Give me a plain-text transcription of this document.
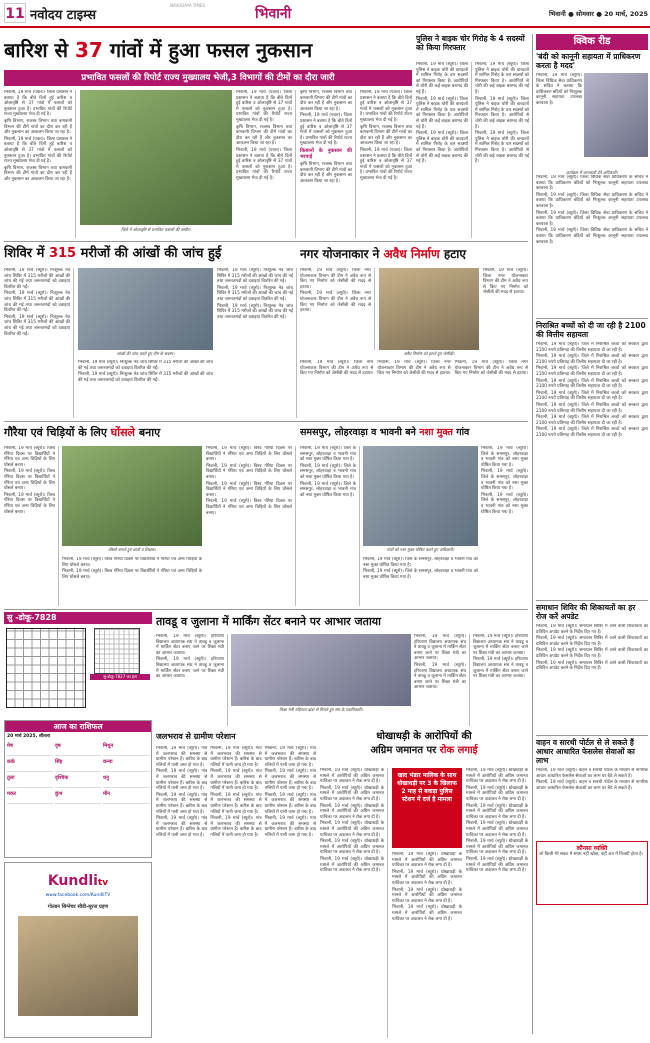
11 नवोदय टाइम्स
NAVODAYA TIMES
भिवानी	भिवानी ● सोमवार ● 20 मार्च, 2025
बारिश से 37 गांवों में हुआ फसल नुकसान
प्रभावित फसलों की रिपोर्ट राज्य मुख्यालय भेजी,3 विभागों की टीमों का दौरा जारी

भिवानी, 19 मार्च (पवार)। जिला प्रशासन ने बताया है कि बीते दिनों हुई बारिश व ओलावृष्टि से 37 गांवों में फसलों को नुकसान हुआ है। प्रभावित गांवों की रिपोर्ट राज्य मुख्यालय भेज दी गई है।

कृषि विभाग, राजस्व विभाग तथा बागवानी विभाग की टीमें गांवों का दौरा कर रही हैं और नुकसान का आकलन किया जा रहा है।

भिवानी, 19 मार्च (पवार)। जिला प्रशासन ने बताया है कि बीते दिनों हुई बारिश व ओलावृष्टि से 37 गांवों में फसलों को नुकसान हुआ है। प्रभावित गांवों की रिपोर्ट राज्य मुख्यालय भेज दी गई है।

कृषि विभाग, राजस्व विभाग तथा बागवानी विभाग की टीमें गांवों का दौरा कर रही हैं और नुकसान का आकलन किया जा रहा है।

जिले में ओलावृष्टि से प्रभावित फसलों की तस्वीर।

भिवानी, 19 मार्च (पवार)। जिला प्रशासन ने बताया है कि बीते दिनों हुई बारिश व ओलावृष्टि से 37 गांवों में फसलों को नुकसान हुआ है। प्रभावित गांवों की रिपोर्ट राज्य मुख्यालय भेज दी गई है।

कृषि विभाग, राजस्व विभाग तथा बागवानी विभाग की टीमें गांवों का दौरा कर रही हैं और नुकसान का आकलन किया जा रहा है।

भिवानी, 19 मार्च (पवार)। जिला प्रशासन ने बताया है कि बीते दिनों हुई बारिश व ओलावृष्टि से 37 गांवों में फसलों को नुकसान हुआ है। प्रभावित गांवों की रिपोर्ट राज्य मुख्यालय भेज दी गई है।

कृषि विभाग, राजस्व विभाग तथा बागवानी विभाग की टीमें गांवों का दौरा कर रही हैं और नुकसान का आकलन किया जा रहा है।

भिवानी, 19 मार्च (पवार)। जिला प्रशासन ने बताया है कि बीते दिनों हुई बारिश व ओलावृष्टि से 37 गांवों में फसलों को नुकसान हुआ है। प्रभावित गांवों की रिपोर्ट राज्य मुख्यालय भेज दी गई है।

किसानों के नुकसान की भरपाई

कृषि विभाग, राजस्व विभाग तथा बागवानी विभाग की टीमें गांवों का दौरा कर रही हैं और नुकसान का आकलन किया जा रहा है।

भिवानी, 19 मार्च (पवार)। जिला प्रशासन ने बताया है कि बीते दिनों हुई बारिश व ओलावृष्टि से 37 गांवों में फसलों को नुकसान हुआ है। प्रभावित गांवों की रिपोर्ट राज्य मुख्यालय भेज दी गई है।

कृषि विभाग, राजस्व विभाग तथा बागवानी विभाग की टीमें गांवों का दौरा कर रही हैं और नुकसान का आकलन किया जा रहा है।

भिवानी, 19 मार्च (पवार)। जिला प्रशासन ने बताया है कि बीते दिनों हुई बारिश व ओलावृष्टि से 37 गांवों में फसलों को नुकसान हुआ है। प्रभावित गांवों की रिपोर्ट राज्य मुख्यालय भेज दी गई है।

पुलिस ने बाइक चोर गिरोह के 4 सदस्यों को किया गिरफ्तार

भिवानी, 19 मार्च (ब्यूरो)। जिला पुलिस ने बाइक चोरी की वारदातों में शामिल गिरोह के चार सदस्यों को गिरफ्तार किया है। आरोपियों से चोरी की कई बाइक बरामद की गई हैं।

भिवानी, 19 मार्च (ब्यूरो)। जिला पुलिस ने बाइक चोरी की वारदातों में शामिल गिरोह के चार सदस्यों को गिरफ्तार किया है। आरोपियों से चोरी की कई बाइक बरामद की गई हैं।

भिवानी, 19 मार्च (ब्यूरो)। जिला पुलिस ने बाइक चोरी की वारदातों में शामिल गिरोह के चार सदस्यों को गिरफ्तार किया है। आरोपियों से चोरी की कई बाइक बरामद की गई हैं।

भिवानी, 19 मार्च (ब्यूरो)। जिला पुलिस ने बाइक चोरी की वारदातों में शामिल गिरोह के चार सदस्यों को गिरफ्तार किया है। आरोपियों से चोरी की कई बाइक बरामद की गई हैं।

भिवानी, 19 मार्च (ब्यूरो)। जिला पुलिस ने बाइक चोरी की वारदातों में शामिल गिरोह के चार सदस्यों को गिरफ्तार किया है। आरोपियों से चोरी की कई बाइक बरामद की गई हैं।

भिवानी, 19 मार्च (ब्यूरो)। जिला पुलिस ने बाइक चोरी की वारदातों में शामिल गिरोह के चार सदस्यों को गिरफ्तार किया है। आरोपियों से चोरी की कई बाइक बरामद की गई हैं।

क्विक रीड
'बंदी को कानूनी सहायता में प्राधिकरण करता है मदद'

भिवानी, 19 मार्च (ब्यूरो)। जिला विधिक सेवा प्राधिकरण के सचिव ने बताया कि प्राधिकरण बंदियों को निःशुल्क कानूनी सहायता उपलब्ध करवाता है।

कार्यक्रम में जानकारी देते अधिकारी।

भिवानी, 19 मार्च (ब्यूरो)। जिला विधिक सेवा प्राधिकरण के सचिव ने बताया कि प्राधिकरण बंदियों को निःशुल्क कानूनी सहायता उपलब्ध करवाता है।

भिवानी, 19 मार्च (ब्यूरो)। जिला विधिक सेवा प्राधिकरण के सचिव ने बताया कि प्राधिकरण बंदियों को निःशुल्क कानूनी सहायता उपलब्ध करवाता है।

भिवानी, 19 मार्च (ब्यूरो)। जिला विधिक सेवा प्राधिकरण के सचिव ने बताया कि प्राधिकरण बंदियों को निःशुल्क कानूनी सहायता उपलब्ध करवाता है।

भिवानी, 19 मार्च (ब्यूरो)। जिला विधिक सेवा प्राधिकरण के सचिव ने बताया कि प्राधिकरण बंदियों को निःशुल्क कानूनी सहायता उपलब्ध करवाता है।

निराश्रित बच्चों को दी जा रही है 2100 की वित्तीय सहायता

भिवानी, 19 मार्च (ब्यूरो)। जिले में निराश्रित बच्चों को सरकार द्वारा 2100 रुपये प्रतिमाह की वित्तीय सहायता दी जा रही है।

भिवानी, 19 मार्च (ब्यूरो)। जिले में निराश्रित बच्चों को सरकार द्वारा 2100 रुपये प्रतिमाह की वित्तीय सहायता दी जा रही है।

भिवानी, 19 मार्च (ब्यूरो)। जिले में निराश्रित बच्चों को सरकार द्वारा 2100 रुपये प्रतिमाह की वित्तीय सहायता दी जा रही है।

भिवानी, 19 मार्च (ब्यूरो)। जिले में निराश्रित बच्चों को सरकार द्वारा 2100 रुपये प्रतिमाह की वित्तीय सहायता दी जा रही है।

भिवानी, 19 मार्च (ब्यूरो)। जिले में निराश्रित बच्चों को सरकार द्वारा 2100 रुपये प्रतिमाह की वित्तीय सहायता दी जा रही है।

भिवानी, 19 मार्च (ब्यूरो)। जिले में निराश्रित बच्चों को सरकार द्वारा 2100 रुपये प्रतिमाह की वित्तीय सहायता दी जा रही है।

भिवानी, 19 मार्च (ब्यूरो)। जिले में निराश्रित बच्चों को सरकार द्वारा 2100 रुपये प्रतिमाह की वित्तीय सहायता दी जा रही है।

भिवानी, 19 मार्च (ब्यूरो)। जिले में निराश्रित बच्चों को सरकार द्वारा 2100 रुपये प्रतिमाह की वित्तीय सहायता दी जा रही है।

समाधान शिविर की शिकायतों का हर रोज करें अपडेट

भिवानी, 19 मार्च (ब्यूरो)। समाधान शिविर में आने वाली शिकायतों का प्रतिदिन अपडेट करने के निर्देश दिए गए हैं।

भिवानी, 19 मार्च (ब्यूरो)। समाधान शिविर में आने वाली शिकायतों का प्रतिदिन अपडेट करने के निर्देश दिए गए हैं।

भिवानी, 19 मार्च (ब्यूरो)। समाधान शिविर में आने वाली शिकायतों का प्रतिदिन अपडेट करने के निर्देश दिए गए हैं।

भिवानी, 19 मार्च (ब्यूरो)। समाधान शिविर में आने वाली शिकायतों का प्रतिदिन अपडेट करने के निर्देश दिए गए हैं।

वाहन व सारथी पोर्टल से ले सकते हैं आधार आधारित फेसलेस सेवाओं का लाभ

भिवानी, 19 मार्च (ब्यूरो)। वाहन व सारथी पोर्टल के माध्यम से नागरिक आधार आधारित फेसलेस सेवाओं का लाभ घर बैठे ले सकते हैं।

भिवानी, 19 मार्च (ब्यूरो)। वाहन व सारथी पोर्टल के माध्यम से नागरिक आधार आधारित फेसलेस सेवाओं का लाभ घर बैठे ले सकते हैं।

कौनसा व्यक्ति
जो किसी भी संकट में संयम नहीं खोता, वही अंत में विजयी होता है।
शिविर में 315 मरीजों की आंखों की जांच हुई

भिवानी, 19 मार्च (ब्यूरो)। निःशुल्क नेत्र जांच शिविर में 315 मरीजों की आंखों की जांच की गई तथा जरूरतमंदों को दवाइयां वितरित की गईं।

भिवानी, 19 मार्च (ब्यूरो)। निःशुल्क नेत्र जांच शिविर में 315 मरीजों की आंखों की जांच की गई तथा जरूरतमंदों को दवाइयां वितरित की गईं।

भिवानी, 19 मार्च (ब्यूरो)। निःशुल्क नेत्र जांच शिविर में 315 मरीजों की आंखों की जांच की गई तथा जरूरतमंदों को दवाइयां वितरित की गईं।

आंखों की जांच करते हुए टीम के सदस्य।

भिवानी, 19 मार्च (ब्यूरो)। निःशुल्क नेत्र जांच शिविर में 315 मरीजों की आंखों की जांच की गई तथा जरूरतमंदों को दवाइयां वितरित की गईं।

भिवानी, 19 मार्च (ब्यूरो)। निःशुल्क नेत्र जांच शिविर में 315 मरीजों की आंखों की जांच की गई तथा जरूरतमंदों को दवाइयां वितरित की गईं।

भिवानी, 19 मार्च (ब्यूरो)। निःशुल्क नेत्र जांच शिविर में 315 मरीजों की आंखों की जांच की गई तथा जरूरतमंदों को दवाइयां वितरित की गईं।

भिवानी, 19 मार्च (ब्यूरो)। निःशुल्क नेत्र जांच शिविर में 315 मरीजों की आंखों की जांच की गई तथा जरूरतमंदों को दवाइयां वितरित की गईं।

भिवानी, 19 मार्च (ब्यूरो)। निःशुल्क नेत्र जांच शिविर में 315 मरीजों की आंखों की जांच की गई तथा जरूरतमंदों को दवाइयां वितरित की गईं।

नगर योजनाकार ने अवैध निर्माण हटाए

भिवानी, 19 मार्च (ब्यूरो)। जिला नगर योजनाकार विभाग की टीम ने अवैध रूप से किए गए निर्माण को जेसीबी की मदद से हटाया।

भिवानी, 19 मार्च (ब्यूरो)। जिला नगर योजनाकार विभाग की टीम ने अवैध रूप से किए गए निर्माण को जेसीबी की मदद से हटाया।

भिवानी, 19 मार्च (ब्यूरो)। जिला नगर योजनाकार विभाग की टीम ने अवैध रूप से किए गए निर्माण को जेसीबी की मदद से हटाया।

अवैध निर्माण को हटाते हुए जेसीबी।

भिवानी, 19 मार्च (ब्यूरो)। जिला नगर योजनाकार विभाग की टीम ने अवैध रूप से किए गए निर्माण को जेसीबी की मदद से हटाया।

भिवानी, 19 मार्च (ब्यूरो)। जिला नगर योजनाकार विभाग की टीम ने अवैध रूप से किए गए निर्माण को जेसीबी की मदद से हटाया।

भिवानी, 19 मार्च (ब्यूरो)। जिला नगर योजनाकार विभाग की टीम ने अवैध रूप से किए गए निर्माण को जेसीबी की मदद से हटाया।

गौरैया एवं चिड़ियों के लिए घोंसले बनाए

भिवानी, 19 मार्च (ब्यूरो)। विश्व गौरैया दिवस पर विद्यार्थियों ने गौरैया एवं अन्य चिड़ियों के लिए घोंसले बनाए।

भिवानी, 19 मार्च (ब्यूरो)। विश्व गौरैया दिवस पर विद्यार्थियों ने गौरैया एवं अन्य चिड़ियों के लिए घोंसले बनाए।

भिवानी, 19 मार्च (ब्यूरो)। विश्व गौरैया दिवस पर विद्यार्थियों ने गौरैया एवं अन्य चिड़ियों के लिए घोंसले बनाए।

घोंसले बनाते हुए छात्रों व शिक्षक।

भिवानी, 19 मार्च (ब्यूरो)। विश्व गौरैया दिवस पर विद्यार्थियों ने गौरैया एवं अन्य चिड़ियों के लिए घोंसले बनाए।

भिवानी, 19 मार्च (ब्यूरो)। विश्व गौरैया दिवस पर विद्यार्थियों ने गौरैया एवं अन्य चिड़ियों के लिए घोंसले बनाए।

भिवानी, 19 मार्च (ब्यूरो)। विश्व गौरैया दिवस पर विद्यार्थियों ने गौरैया एवं अन्य चिड़ियों के लिए घोंसले बनाए।

भिवानी, 19 मार्च (ब्यूरो)। विश्व गौरैया दिवस पर विद्यार्थियों ने गौरैया एवं अन्य चिड़ियों के लिए घोंसले बनाए।

भिवानी, 19 मार्च (ब्यूरो)। विश्व गौरैया दिवस पर विद्यार्थियों ने गौरैया एवं अन्य चिड़ियों के लिए घोंसले बनाए।

भिवानी, 19 मार्च (ब्यूरो)। विश्व गौरैया दिवस पर विद्यार्थियों ने गौरैया एवं अन्य चिड़ियों के लिए घोंसले बनाए।

समसपुर, लोहरवाड़ा व भावनी बने नशा मुक्त गांव

भिवानी, 19 मार्च (ब्यूरो)। जिले के समसपुर, लोहरवाड़ा व भावनी गांव को नशा मुक्त घोषित किया गया है।

भिवानी, 19 मार्च (ब्यूरो)। जिले के समसपुर, लोहरवाड़ा व भावनी गांव को नशा मुक्त घोषित किया गया है।

भिवानी, 19 मार्च (ब्यूरो)। जिले के समसपुर, लोहरवाड़ा व भावनी गांव को नशा मुक्त घोषित किया गया है।

गांवों को नशा मुक्त घोषित करते हुए अधिकारी।

भिवानी, 19 मार्च (ब्यूरो)। जिले के समसपुर, लोहरवाड़ा व भावनी गांव को नशा मुक्त घोषित किया गया है।

भिवानी, 19 मार्च (ब्यूरो)। जिले के समसपुर, लोहरवाड़ा व भावनी गांव को नशा मुक्त घोषित किया गया है।

भिवानी, 19 मार्च (ब्यूरो)। जिले के समसपुर, लोहरवाड़ा व भावनी गांव को नशा मुक्त घोषित किया गया है।

भिवानी, 19 मार्च (ब्यूरो)। जिले के समसपुर, लोहरवाड़ा व भावनी गांव को नशा मुक्त घोषित किया गया है।

भिवानी, 19 मार्च (ब्यूरो)। जिले के समसपुर, लोहरवाड़ा व भावनी गांव को नशा मुक्त घोषित किया गया है।

सु -डोकू-7828
सु-डोकू-7827 का हल
तावडू व जुलाना में मार्किंग सेंटर बनाने पर आभार जताया

भिवानी, 19 मार्च (ब्यूरो)। हरियाणा विद्यालय अध्यापक संघ ने तावडू व जुलाना में मार्किंग सेंटर बनाए जाने पर शिक्षा मंत्री का आभार जताया।

भिवानी, 19 मार्च (ब्यूरो)। हरियाणा विद्यालय अध्यापक संघ ने तावडू व जुलाना में मार्किंग सेंटर बनाए जाने पर शिक्षा मंत्री का आभार जताया।

शिक्षा मंत्री महिपाल ढांडा से मिलते हुए संघ के पदाधिकारी।

भिवानी, 19 मार्च (ब्यूरो)। हरियाणा विद्यालय अध्यापक संघ ने तावडू व जुलाना में मार्किंग सेंटर बनाए जाने पर शिक्षा मंत्री का आभार जताया।

भिवानी, 19 मार्च (ब्यूरो)। हरियाणा विद्यालय अध्यापक संघ ने तावडू व जुलाना में मार्किंग सेंटर बनाए जाने पर शिक्षा मंत्री का आभार जताया।

भिवानी, 19 मार्च (ब्यूरो)। हरियाणा विद्यालय अध्यापक संघ ने तावडू व जुलाना में मार्किंग सेंटर बनाए जाने पर शिक्षा मंत्री का आभार जताया।

भिवानी, 19 मार्च (ब्यूरो)। हरियाणा विद्यालय अध्यापक संघ ने तावडू व जुलाना में मार्किंग सेंटर बनाए जाने पर शिक्षा मंत्री का आभार जताया।

आज का राशिफल
20 मार्च 2025, शीतला
मेष	वृष	मिथुन
कर्क	सिंह	कन्या
तुला	वृश्चिक	धनु
मकर	कुंभ	मीन
Kundlitv
www.facebook.com/KundliTV
गोल्डन सिग्नेचर सीडी-सूरज ग्रहण
जलभराव से ग्रामीण परेशान

भिवानी, 19 मार्च (ब्यूरो)। गांव में जलभराव की समस्या से ग्रामीण परेशान हैं। बारिश के बाद गलियों में पानी जमा हो गया है।

भिवानी, 19 मार्च (ब्यूरो)। गांव में जलभराव की समस्या से ग्रामीण परेशान हैं। बारिश के बाद गलियों में पानी जमा हो गया है।

भिवानी, 19 मार्च (ब्यूरो)। गांव में जलभराव की समस्या से ग्रामीण परेशान हैं। बारिश के बाद गलियों में पानी जमा हो गया है।

भिवानी, 19 मार्च (ब्यूरो)। गांव में जलभराव की समस्या से ग्रामीण परेशान हैं। बारिश के बाद गलियों में पानी जमा हो गया है।

भिवानी, 19 मार्च (ब्यूरो)। गांव में जलभराव की समस्या से ग्रामीण परेशान हैं। बारिश के बाद गलियों में पानी जमा हो गया है।

भिवानी, 19 मार्च (ब्यूरो)। गांव में जलभराव की समस्या से ग्रामीण परेशान हैं। बारिश के बाद गलियों में पानी जमा हो गया है।

भिवानी, 19 मार्च (ब्यूरो)। गांव में जलभराव की समस्या से ग्रामीण परेशान हैं। बारिश के बाद गलियों में पानी जमा हो गया है।

भिवानी, 19 मार्च (ब्यूरो)। गांव में जलभराव की समस्या से ग्रामीण परेशान हैं। बारिश के बाद गलियों में पानी जमा हो गया है।

भिवानी, 19 मार्च (ब्यूरो)। गांव में जलभराव की समस्या से ग्रामीण परेशान हैं। बारिश के बाद गलियों में पानी जमा हो गया है।

भिवानी, 19 मार्च (ब्यूरो)। गांव में जलभराव की समस्या से ग्रामीण परेशान हैं। बारिश के बाद गलियों में पानी जमा हो गया है।

भिवानी, 19 मार्च (ब्यूरो)। गांव में जलभराव की समस्या से ग्रामीण परेशान हैं। बारिश के बाद गलियों में पानी जमा हो गया है।

भिवानी, 19 मार्च (ब्यूरो)। गांव में जलभराव की समस्या से ग्रामीण परेशान हैं। बारिश के बाद गलियों में पानी जमा हो गया है।

धोखाधड़ी के आरोपियों की
अग्रिम जमानत पर रोक लगाई

भिवानी, 19 मार्च (ब्यूरो)। धोखाधड़ी के मामले में आरोपियों की अग्रिम जमानत याचिका पर अदालत ने रोक लगा दी है।

भिवानी, 19 मार्च (ब्यूरो)। धोखाधड़ी के मामले में आरोपियों की अग्रिम जमानत याचिका पर अदालत ने रोक लगा दी है।

भिवानी, 19 मार्च (ब्यूरो)। धोखाधड़ी के मामले में आरोपियों की अग्रिम जमानत याचिका पर अदालत ने रोक लगा दी है।

भिवानी, 19 मार्च (ब्यूरो)। धोखाधड़ी के मामले में आरोपियों की अग्रिम जमानत याचिका पर अदालत ने रोक लगा दी है।

भिवानी, 19 मार्च (ब्यूरो)। धोखाधड़ी के मामले में आरोपियों की अग्रिम जमानत याचिका पर अदालत ने रोक लगा दी है।

भिवानी, 19 मार्च (ब्यूरो)। धोखाधड़ी के मामले में आरोपियों की अग्रिम जमानत याचिका पर अदालत ने रोक लगा दी है।

खाद भंडार मालिक के साथ धोखाधड़ी पर 3 के खिलाफ 2 माह से बवाड़ा पुलिस स्टेशन में दर्ज है मामला

भिवानी, 19 मार्च (ब्यूरो)। धोखाधड़ी के मामले में आरोपियों की अग्रिम जमानत याचिका पर अदालत ने रोक लगा दी है।

भिवानी, 19 मार्च (ब्यूरो)। धोखाधड़ी के मामले में आरोपियों की अग्रिम जमानत याचिका पर अदालत ने रोक लगा दी है।

भिवानी, 19 मार्च (ब्यूरो)। धोखाधड़ी के मामले में आरोपियों की अग्रिम जमानत याचिका पर अदालत ने रोक लगा दी है।

भिवानी, 19 मार्च (ब्यूरो)। धोखाधड़ी के मामले में आरोपियों की अग्रिम जमानत याचिका पर अदालत ने रोक लगा दी है।

भिवानी, 19 मार्च (ब्यूरो)। धोखाधड़ी के मामले में आरोपियों की अग्रिम जमानत याचिका पर अदालत ने रोक लगा दी है।

भिवानी, 19 मार्च (ब्यूरो)। धोखाधड़ी के मामले में आरोपियों की अग्रिम जमानत याचिका पर अदालत ने रोक लगा दी है।

भिवानी, 19 मार्च (ब्यूरो)। धोखाधड़ी के मामले में आरोपियों की अग्रिम जमानत याचिका पर अदालत ने रोक लगा दी है।

भिवानी, 19 मार्च (ब्यूरो)। धोखाधड़ी के मामले में आरोपियों की अग्रिम जमानत याचिका पर अदालत ने रोक लगा दी है।

भिवानी, 19 मार्च (ब्यूरो)। धोखाधड़ी के मामले में आरोपियों की अग्रिम जमानत याचिका पर अदालत ने रोक लगा दी है।

भिवानी, 19 मार्च (ब्यूरो)। धोखाधड़ी के मामले में आरोपियों की अग्रिम जमानत याचिका पर अदालत ने रोक लगा दी है।
